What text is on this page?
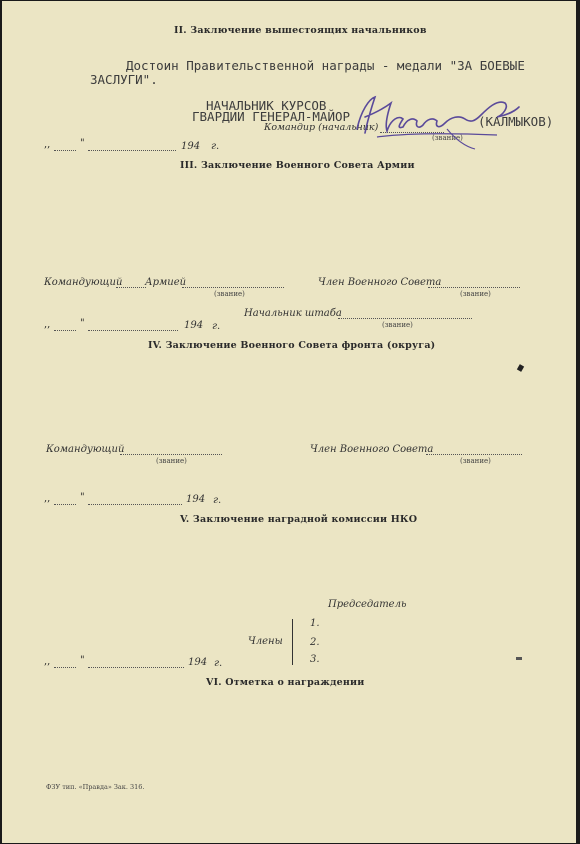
II. Заключение вышестоящих начальников
Достоин Правительственной награды - медали "ЗА БОЕВЫЕ
ЗАСЛУГИ".
НАЧАЛЬНИК КУРСОВ
ГВАРДИИ ГЕНЕРАЛ-МАЙОР	(КАЛМЫКОВ)
Командир (начальник)
(звание)
,,	"	194 г.
III. Заключение Военного Совета Армии
Командующий Армией
(звание)
Член Военного Совета
(звание)
Начальник штаба
(звание)
,,	"	194 г.
IV. Заключение Военного Совета фронта (округа)
Командующий
(звание)
Член Военного Совета
(звание)
,,	"	194 г.
V. Заключение наградной комиссии НКО
Председатель
Члены
1.
2.
3.
,,	"	194 г.
VI. Отметка о награждении
ФЗУ тип. «Правда» Зак. 316.
